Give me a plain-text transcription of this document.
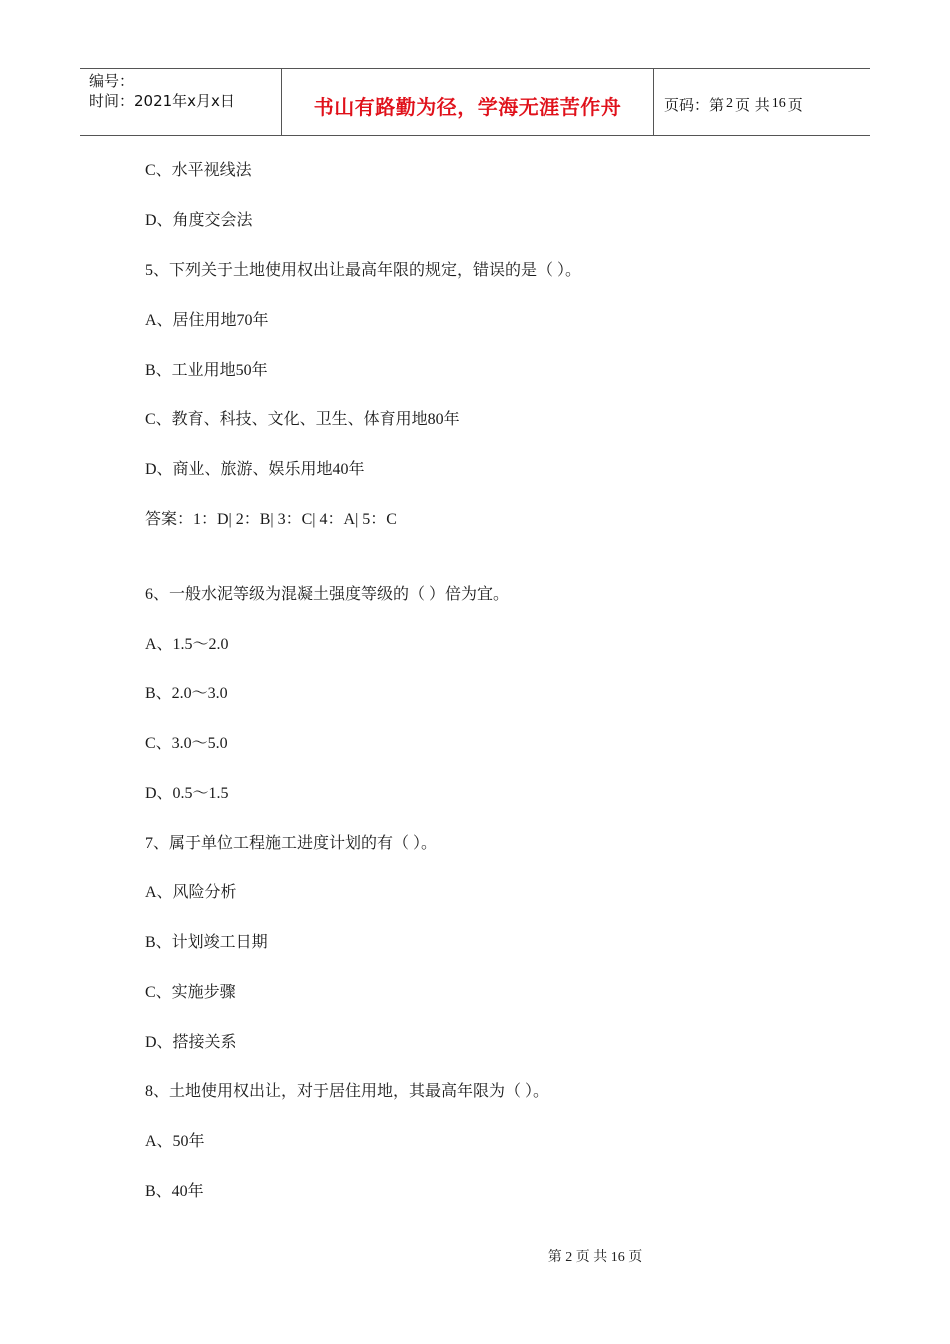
编号：
时间：2021年x月x日	书山有路勤为径，学海无涯苦作舟	页码：第 2 页 共 16 页
C、水平视线法
D、角度交会法
5、下列关于土地使用权出让最高年限的规定，错误的是（ ）。
A、居住用地70年
B、工业用地50年
C、教育、科技、文化、卫生、体育用地80年
D、商业、旅游、娱乐用地40年
答案：1：D| 2：B| 3：C| 4：A| 5：C
6、一般水泥等级为混凝土强度等级的（ ）倍为宜。
A、1.5～2.0
B、2.0～3.0
C、3.0～5.0
D、0.5～1.5
7、属于单位工程施工进度计划的有（ ）。
A、风险分析
B、计划竣工日期
C、实施步骤
D、搭接关系
8、土地使用权出让，对于居住用地，其最高年限为（ ）。
A、50年
B、40年
第 2 页 共 16 页
